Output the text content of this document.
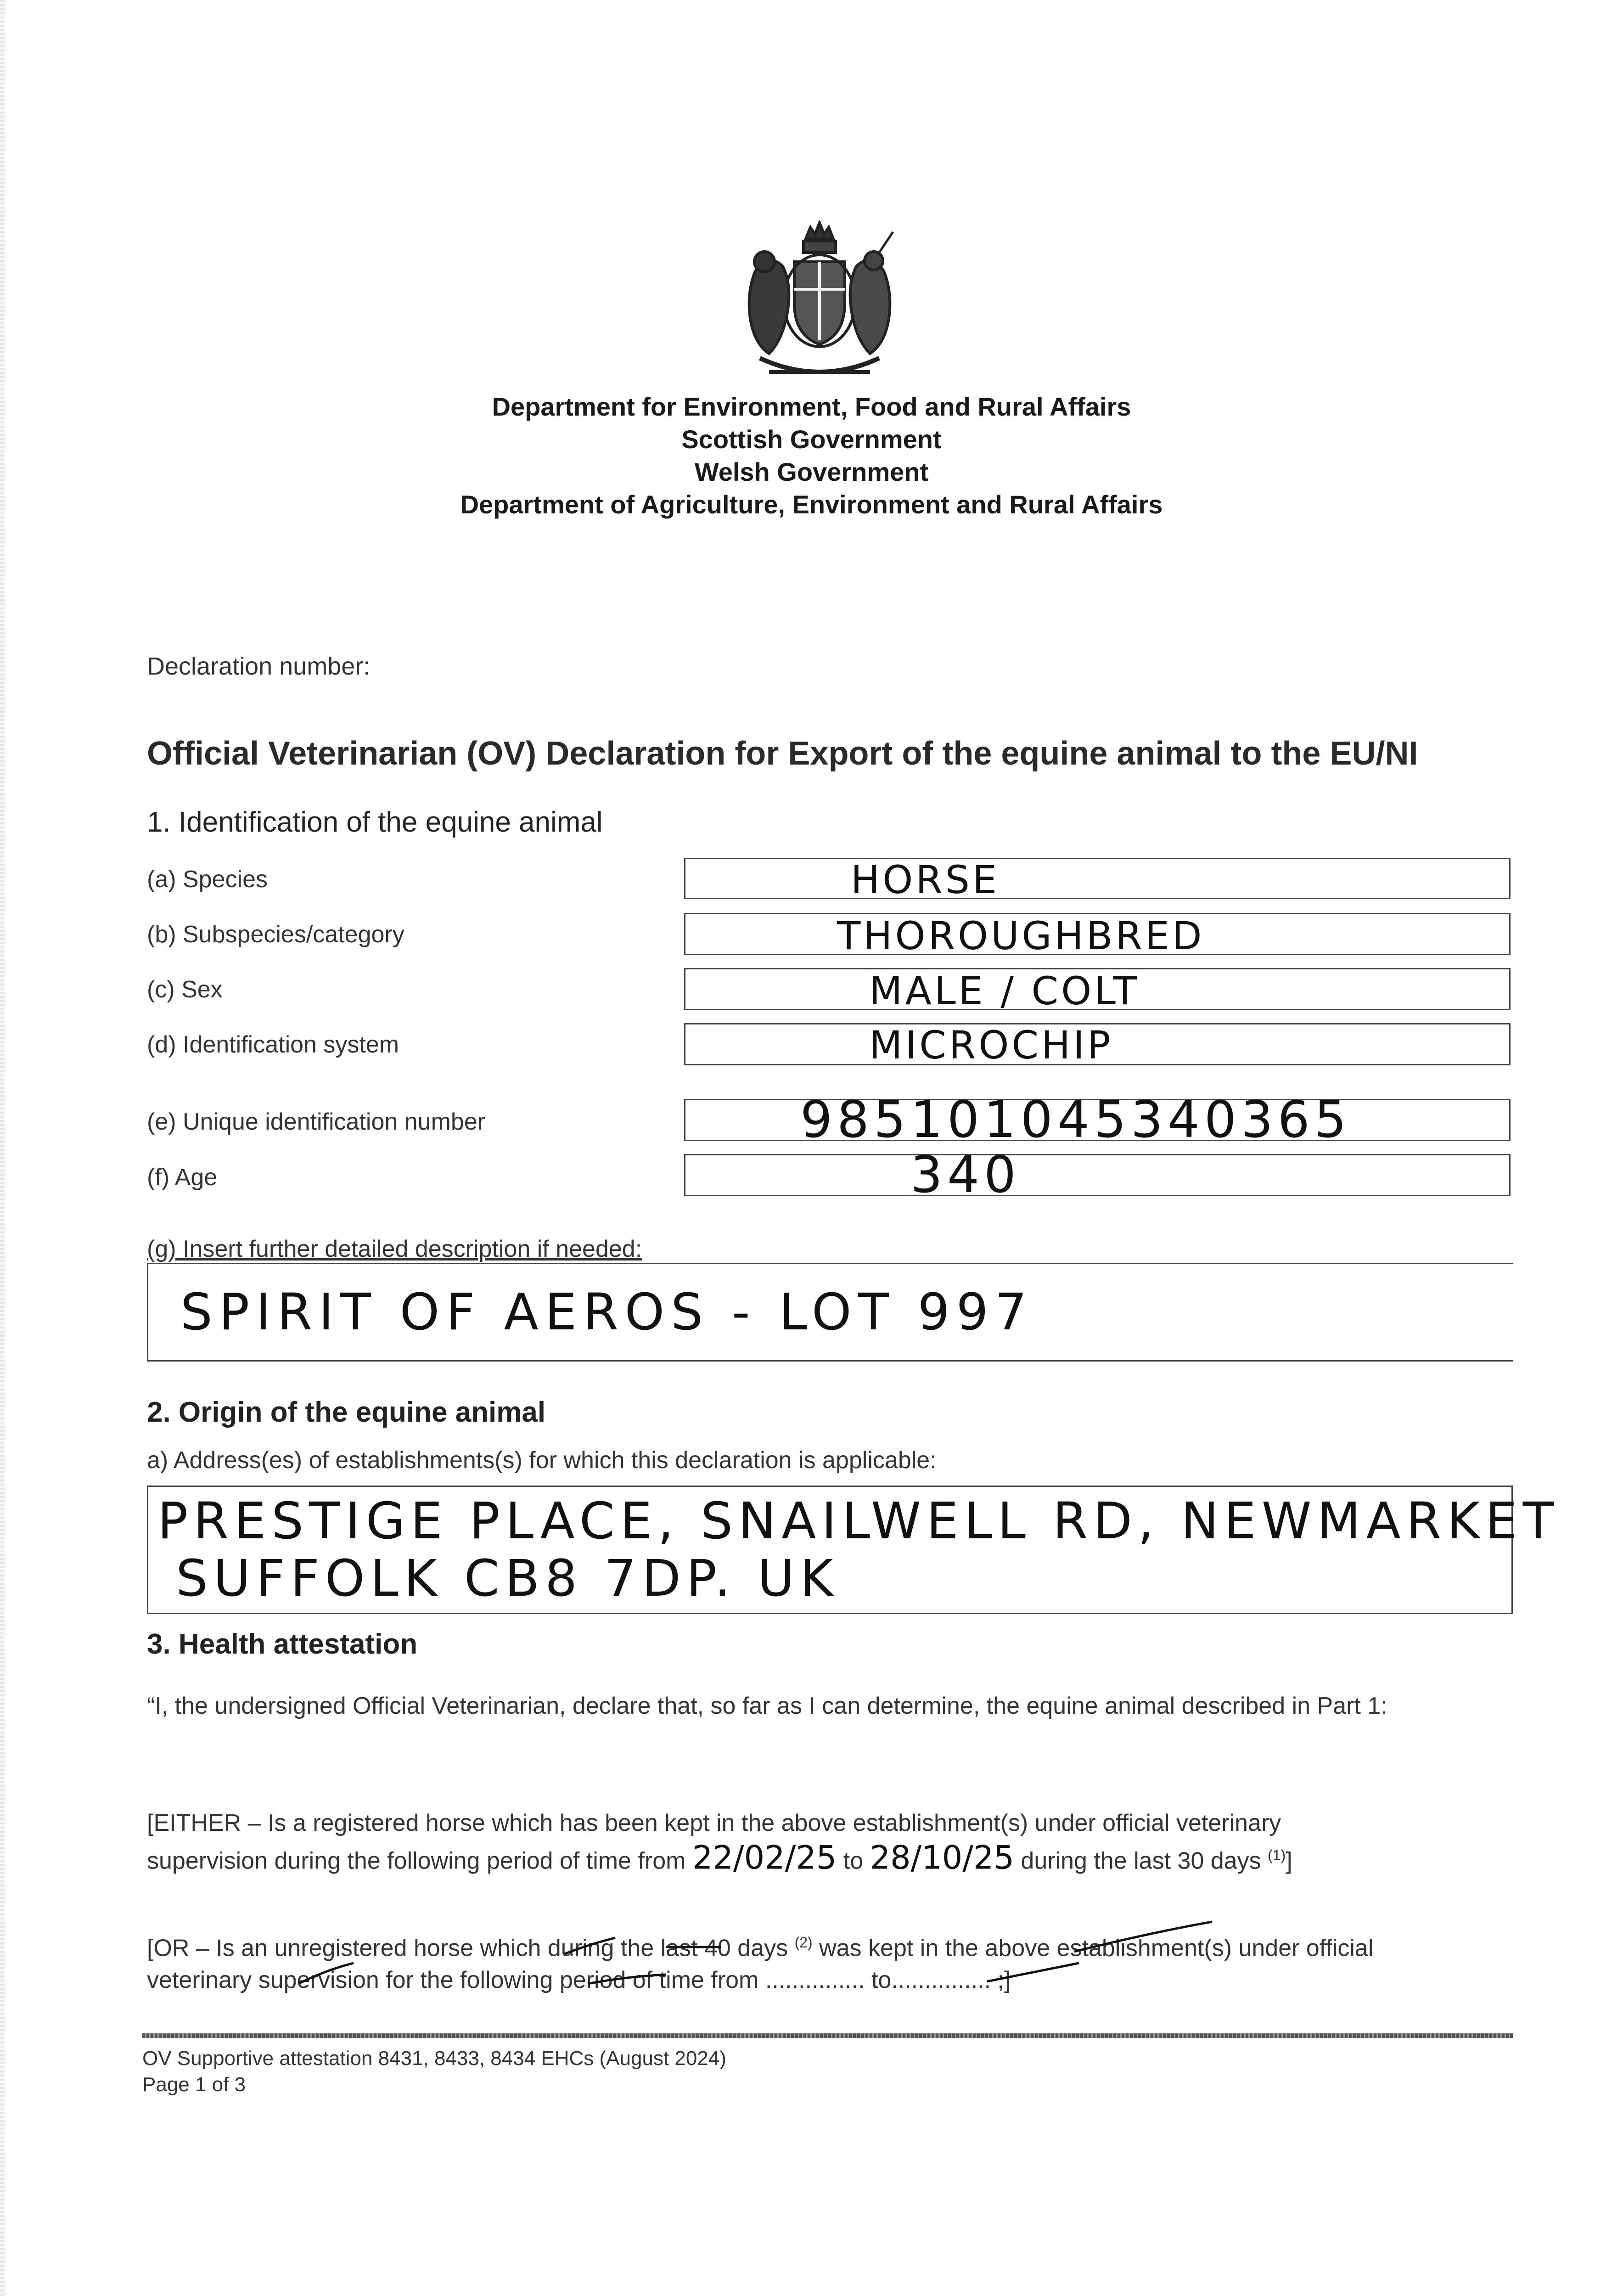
Department for Environment, Food and Rural Affairs
Scottish Government
Welsh Government
Department of Agriculture, Environment and Rural Affairs
Declaration number:
Official Veterinarian (OV) Declaration for Export of the equine animal to the EU/NI
1. Identification of the equine animal
(a) Species	HORSE
(b) Subspecies/category	THOROUGHBRED
(c) Sex	MALE / COLT
(d) Identification system	MICROCHIP
(e) Unique identification number	985101045340365
(f) Age	340
(g) Insert further detailed description if needed:
SPIRIT OF AEROS - LOT 997
2. Origin of the equine animal
a) Address(es) of establishments(s) for which this declaration is applicable:
PRESTIGE PLACE, SNAILWELL RD, NEWMARKET
SUFFOLK CB8 7DP. UK
3. Health attestation
“I, the undersigned Official Veterinarian, declare that, so far as I can determine, the equine animal described in Part 1:
[EITHER – Is a registered horse which has been kept in the above establishment(s) under official veterinary
supervision during the following period of time from 22/02/25 to 28/10/25 during the last 30 days $^{(1)}$]
[OR – Is an unregistered horse which during the last 40 days $^{(2)}$ was kept in the above establishment(s) under official
veterinary supervision for the following period of time from ............... to............... ;]
OV Supportive attestation 8431, 8433, 8434 EHCs (August 2024)
Page 1 of 3
